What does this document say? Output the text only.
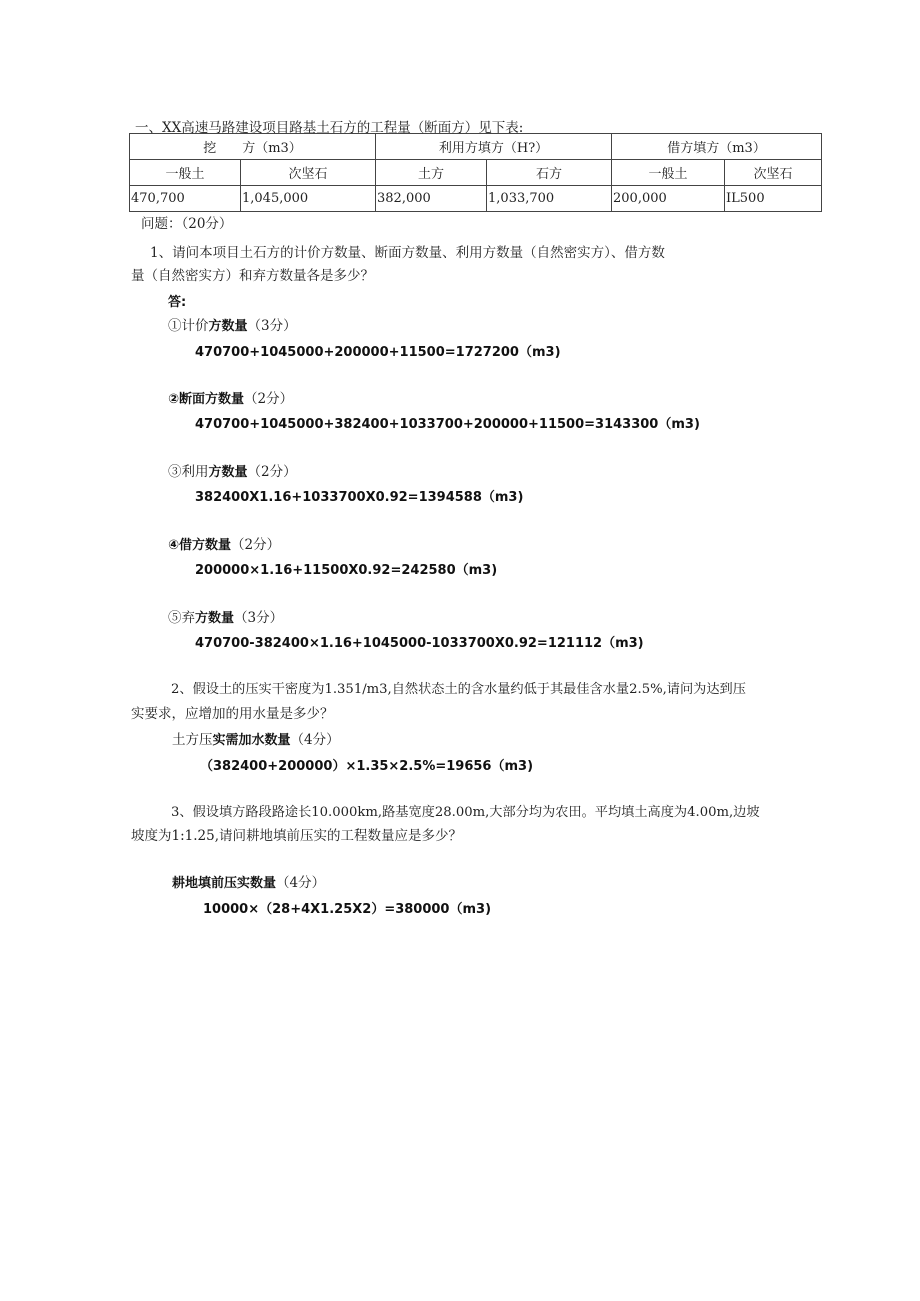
一、XX高速马路建设项目路基土石方的工程量（断面方）见下表:
挖　　方（m3）		利用方填方（H?）		借方填方（m3）	
一般土	次坚石	土方	石方	一般土	次坚石
470,700	1,045,000	382,000	1,033,700	200,000	IL500
问题：（20分）
1、请问本项目土石方的计价方数量、断面方数量、利用方数量（自然密实方）、借方数
量（自然密实方）和弃方数量各是多少？
答:
①计价方数量（3分）
470700+1045000+200000+11500=1727200（m3)
②断面方数量（2分）
470700+1045000+382400+1033700+200000+11500=3143300（m3)
③利用方数量（2分）
382400X1.16+1033700X0.92=1394588（m3)
④借方数量（2分）
200000×1.16+11500X0.92=242580（m3)
⑤弃方数量（3分）
470700-382400×1.16+1045000-1033700X0.92=121112（m3)
2、假设土的压实干密度为1.351/m3,自然状态土的含水量约低于其最佳含水量2.5%,请问为达到压
实要求，应增加的用水量是多少？
土方压实需加水数量（4分）
（382400+200000）×1.35×2.5%=19656（m3)
3、假设填方路段路途长10.000km,路基宽度28.00m,大部分均为农田。平均填土高度为4.00m,边坡
坡度为1:1.25,请问耕地填前压实的工程数量应是多少？
耕地填前压实数量（4分）
10000×（28+4X1.25X2）=380000（m3)
